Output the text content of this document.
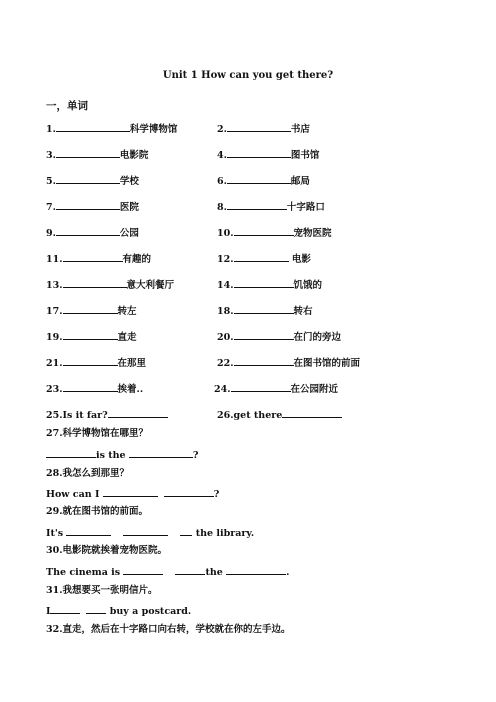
Unit 1 How can you get there?
一，单词
1.	科学博物馆	2.	书店
3.	电影院	4.	图书馆
5.	学校	6.	邮局
7.	医院	8.	十字路口
9.	公园	10.	宠物医院
11.	有趣的	12.	电影
13.	意大利餐厅	14.	饥饿的
17.	转左	18.	转右
19.	直走	20.	在门的旁边
21.	在那里	22.	在图书馆的前面
23.	挨着..	24.	在公园附近
25.Is it far?	26.get there
27.科学博物馆在哪里？
is the	?
28.我怎么到那里？
How can I	?
29.就在图书馆的前面。
It's	the library.
30.电影院就挨着宠物医院。
The cinema is	the	.
31.我想要买一张明信片。
I	buy a postcard.
32.直走，然后在十字路口向右转，学校就在你的左手边。
